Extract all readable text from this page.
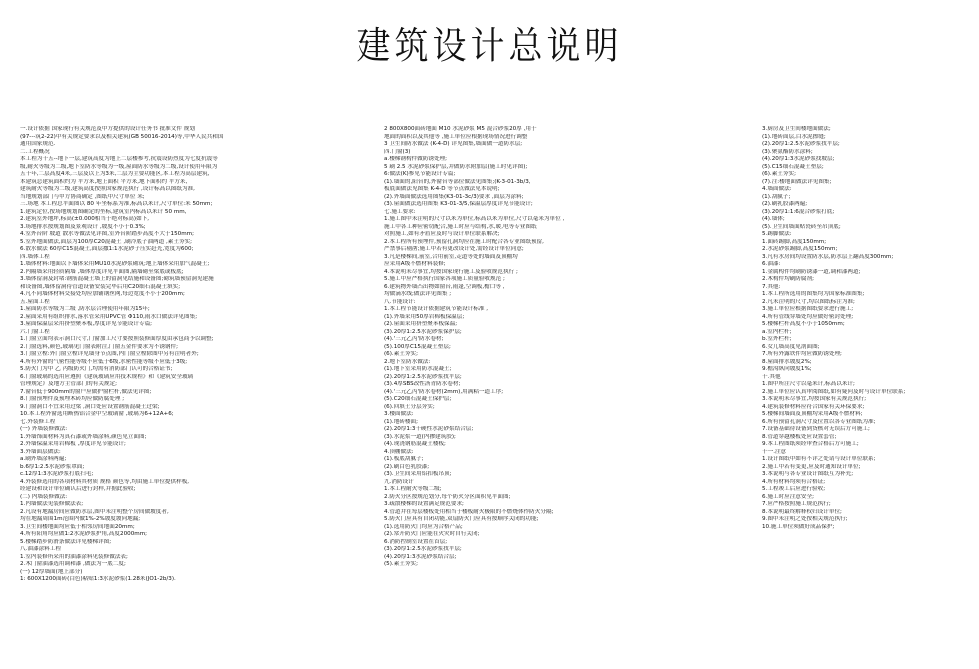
建筑设计总说明
一.设计依据 国家现行有关规范及甲方提供的设计任务书 批准文件 规划
(97---筑2-22)中有关规定要求以及相关建筑(GB 50016-2014)等,中华人民共和国
通用国家规范.
二.工程概况
本工程为十五--地下一层,建筑高度为地上二层楼参考,抗震设防烈度为七度抗震等
级,耐火等级为二级,地下室防水等级为一级,屋面防水等级为二级,设计使用年限为
五十年,二层高度4米,三层及以上为3米,二层为主要功能区,本工程为高层建筑,
本建筑总建筑面积约为 平方米,地上面积 平方米,地下面积约 平方米,
建筑耐火等级为二级,建筑高度按照国家规范执行 ,设计标高以图纸为准,
当地规划部门与甲方协商确定 ,图纸中尺寸单位 米;
三.场地 本工程总平面图以 80 年坐标系为准,标高以米计,尺寸单位:米 50mm;
1.建筑定位,按场地规划图确定的坐标,建筑室内标高以米计 50 mm,
2.建筑室外地坪,标高(±0.000相当于绝对标高)如下,
3.场地排水按规划图及景观设计 ,坡度不小于0.3%;
4.室外台阶 坡道 散水等做法见详图,室外台阶踏步高度不大于150mm;
5.室外地面做法,面层为100厚C20混凝土 ,刷冷底子油两道 ,素土夯实;
6.散水做法 60厚C15混凝土,面层撒1:1水泥砂子压实赶光,宽度为600;
四.墙体工程
1.墙体材料:地面以下墙体采用MU10水泥砂浆砌筑;地上墙体采用加气混凝土;
2.内隔墙采用轻质隔墙 ,墙体厚度详见平面图,隔墙砌至梁底或板底;
3.墙体留洞及封堵:钢筋混凝土墙上的留洞见结施和设备图;砌筑墙预留洞见建施
和设备图,墙体留洞待管道设备安装完毕后用C20细石混凝土填实;
4.凡不同墙体材料交接处均应加铺钢丝网,每边宽度不小于200mm;
五.屋面工程
1.屋面防水等级为二级 ,防水层合理使用年限为15年;
2.屋面采用有组织排水,落水管采用UPVC管 Φ110,雨水口做法详见图集;
3.屋面保温层采用挤塑聚苯板,厚度详见节能设计专篇;
六.门窗工程
1.门窗立面均表示洞口尺寸,门窗加工尺寸要按照装修面厚度由承包商予以调整;
2.门窗选料,颜色,玻璃见门窗表附注,门窗五金件要求为不锈钢件;
3.门窗立樘:外门窗立樘详见墙身节点图,内门窗立樘除图中另有注明者外;
4.所有外窗的气密性能等级不应低于6级,水密性能等级不应低于3级;
5.防火门为甲 乙 丙级防火门,均需有消防部门认可的合格证书;
6.门窗玻璃的选用应遵照《建筑玻璃应用技术规程》和《建筑安全玻璃
管理规定》及地方主管部门的有关规定;
7.窗台低于900mm的窗户应做护窗栏杆,做法见详图;
8.门窗预埋件及预埋木砖均应做防腐处理 ;
9.门窗洞口不宜采用过梁 ,洞口处应设置钢筋混凝土过梁;
10.本工程外窗选用断热铝合金中空玻璃窗 ,玻璃为6+12A+6;
七.外装修工程
(一) 外墙装修做法:
1.外墙饰面材料为真石漆或外墙涂料,颜色见立面图;
2.外墙保温采用岩棉板 ,厚度详见节能设计;
3.外墙面层做法:
a.刷外墙涂料两遍;
b.6厚1:2.5水泥砂浆罩面;
c.12厚1:3水泥砂浆打底扫毛;
4.外装修选用的各项材料其材质 规格 颜色等,均由施工单位提供样板,
经建设和设计单位确认后进行封样,并据此验收;
(二) 内墙装修做法:
1.内墙做法见装修做法表;
2.凡设有地漏房间应做防水层,图中未注明整个房间做坡度者,
均在地漏周围1m范围内做1%-2%坡度坡向地漏;
3.卫生间楼地面均应低于相邻房间地面20mm;
4.所有阳角均应做1:2水泥砂浆护角,高度2000mm;
5.楼梯踏步防滑条做法详见楼梯详图;
八.油漆涂料工程
1.室内装修所采用的油漆涂料见装修做法表;
2.木门窗油漆选用调和漆 ,做法为一底二度;
(一) 12厚墙面(地上部分)
1: 600X1200面砖(白色)粘贴1:3水泥砂浆(1.28米(JO1-2b/3).
2 800X800面砖地面 M10 水泥砂浆 M5 混合砂浆20厚 ,用于
地面的面积以及其他等 ,施工单位应根据现场情况进行调整
3 卫生间防水做法 (K-4-D) 详见图集,墙面做一道防水层;
四.门窗(3)
a.楼梯钢构件做防锈处理;
5 刷 2.5 水泥砂浆保护层,并做防水附加层(施工时见详图);
6:做法(K)参见节能设计专篇;
(1).墙面的,阳台的,外窗台等部位做法见图集;(K-3-01-3b/3,
板底面做法见图集 K-4-D 等节点做法见本说明;
(2).外墙面做法选用图集(K3-01-3c/3)要求 ,面层为涂料;
(3).屋面做法选用图集 K3-01-3/5,保温层厚度详见节能设计;
七.施工要求:
1.施工图中未注明的尺寸以米为单位,标高以米为单位,尺寸以毫米为单位 ,
施工中各工种应密切配合,施工时应与结构,水,暖,电等专业图纸
对照施工,如有矛盾应及时与设计单位联系解决;
2.本工程所有预埋件,预留孔洞均应在施工时配合各专业图纸预留,
严禁事后剔凿;施工中若有更改设计处,需经设计单位同意;
3.凡是楼梯间,前室,合用前室,走道等处的墙面及顶棚均
应采用A级不燃材料装修;
4.本说明未尽事宜,均按国家现行施工及验收规范执行 ;
5.施工中应严格执行国家各项施工质量验收规范 ;
6.建筑物外墙凸出物如窗台,雨篷,空调板,檐口等 ,
均做滴水线;做法详见图集 ;
八.节能设计:
1.本工程节能设计依据建筑节能设计标准 ,
(1).外墙采用50厚岩棉板保温层;
(2).屋面采用挤塑聚苯板保温;
(3).20厚1:2.5水泥砂浆保护层;
(4).'三元乙丙'防水卷材;
(5).100厚C15混凝土垫层;
(6).素土夯实;
2.地下室防水做法:
(1).地下室采用防水混凝土;
(2).20厚1:2.5水泥砂浆找平层;
(3).4厚SBS改性沥青防水卷材;
(4).'三元乙丙'防水卷材(2mm),用满粘一道工序;
(5).C20细石混凝土保护层;
(6).回填土分层夯实;
3.楼面做法:
(1).地砖楼面;
(2).20厚1:3干硬性水泥砂浆结合层;
(3).水泥浆一道(内掺建筑胶);
(4).现浇钢筋混凝土楼板;
4.顶棚做法:
(1).板底刮腻子;
(2).刷白色乳胶漆;
(3).卫生间采用铝扣板吊顶;
九.消防设计
1.本工程耐火等级二级;
2.防火分区按规范划分,每个防火分区面积见平面图;
3.疏散楼梯的设置满足规范要求;
4.管道井在每层楼板处用相当于楼板耐火极限的不燃烧体作防火分隔;
5.防火门应具有自闭功能,双扇防火门应具有按顺序关闭的功能;
(1).选用防火门均应为合格产品;
(2).常开防火门应能在火灾时自行关闭;
6.消防控制室设置在首层;
(3).20厚1:2.5水泥砂浆找平层;
(4).20厚1:3水泥砂浆结合层;
(5).素土夯实;
3.厨房及卫生间楼地面做法;
(1).地砖面层,白水泥擦缝;
(2).20厚1:2.5水泥砂浆找平层;
(3).聚氨酯防水涂料;
(4).20厚1:3水泥砂浆找坡层;
(5).C15细石混凝土垫层;
(6).素土夯实;
(7).注:楼地面做法详见图集;
4.墙面做法:
(1).刮腻子;
(2).刷乳胶漆两遍;
(3).20厚1:1:6混合砂浆打底;
(4).墙体;
(5).卫生间墙面贴瓷砖至吊顶底;
5.踢脚做法:
1.面砖踢脚,高度150mm;
2.水泥砂浆踢脚,高度150mm;
3.凡有水房间均设置防水层,防水层上翻高度300mm;
6.油漆:
1.金属构件均刷防锈漆一道,调和漆两道;
2.木构件均刷防腐剂;
7.其他:
1.本工程所选用的图集均为国家标准图集;
2.凡未注明的尺寸,均以图纸标注为准;
3.施工单位应根据图纸要求进行施工;
4.所有管线穿墙处均应做好密封处理;
5.楼梯栏杆高度不小于1050mm;
a.室内栏杆;
b.室外栏杆;
6.女儿墙高度见剖面图;
7.所有外露铁件均应做防锈处理;
8.屋面排水坡度2%;
9.檐沟纵向坡度1%;
十.其他
1.图中所注尺寸以毫米计,标高以米计;
2.施工单位应认真审阅图纸,如有疑问及时与设计单位联系;
3.本说明未尽事宜,均按国家有关规范执行;
4.建筑装修材料应符合国家有关环保要求;
5.楼梯间墙面及顶棚均采用A级不燃材料;
6.所有预留孔洞尺寸及位置以各专业图纸为准;
7.设备基础待设备到货核对无误后方可施工;
8.管道穿越楼板处应设置套管;
9.本工程图纸须经审查合格后方可施工;
十一.注意
1.设计图纸中如有不详之处请与设计单位联系;
2.施工中若有变更,应及时通知设计单位;
3.本说明与各专业设计图纸互为补充;
4.所有材料均须有合格证;
5.工程竣工后应进行验收;
6.施工时应注意安全;
7.应严格按照施工规范执行;
8.本说明最终解释权归设计单位;
9.图中未注明之处按相关规范执行;
10.施工单位须做好成品保护;
